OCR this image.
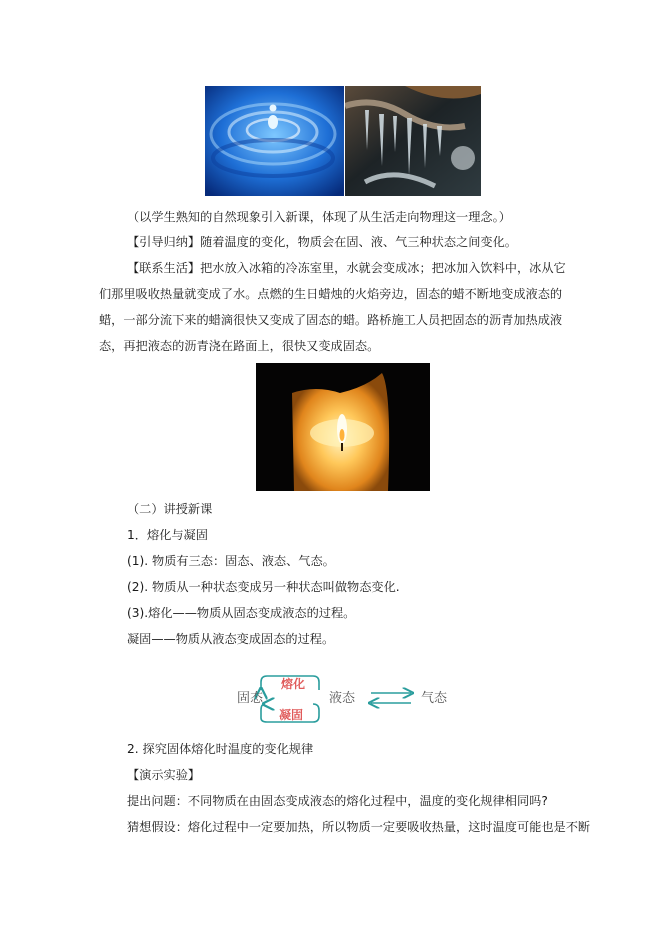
（以学生熟知的自然现象引入新课，体现了从生活走向物理这一理念。）
【引导归纳】随着温度的变化，物质会在固、液、气三种状态之间变化。
【联系生活】把水放入冰箱的冷冻室里，水就会变成冰；把冰加入饮料中，冰从它们那里吸收热量就变成了水。点燃的生日蜡烛的火焰旁边，固态的蜡不断地变成液态的蜡，一部分流下来的蜡滴很快又变成了固态的蜡。路桥施工人员把固态的沥青加热成液态，再把液态的沥青浇在路面上，很快又变成固态。
（二）讲授新课
1．熔化与凝固
(1). 物质有三态：固态、液态、气态。
(2). 物质从一种状态变成另一种状态叫做物态变化.
(3).熔化——物质从固态变成液态的过程。
凝固——物质从液态变成固态的过程。
固态	液态	气态
熔化
凝固
2. 探究固体熔化时温度的变化规律
【演示实验】
提出问题：不同物质在由固态变成液态的熔化过程中，温度的变化规律相同吗?
猜想假设：熔化过程中一定要加热，所以物质一定要吸收热量，这时温度可能也是不断
